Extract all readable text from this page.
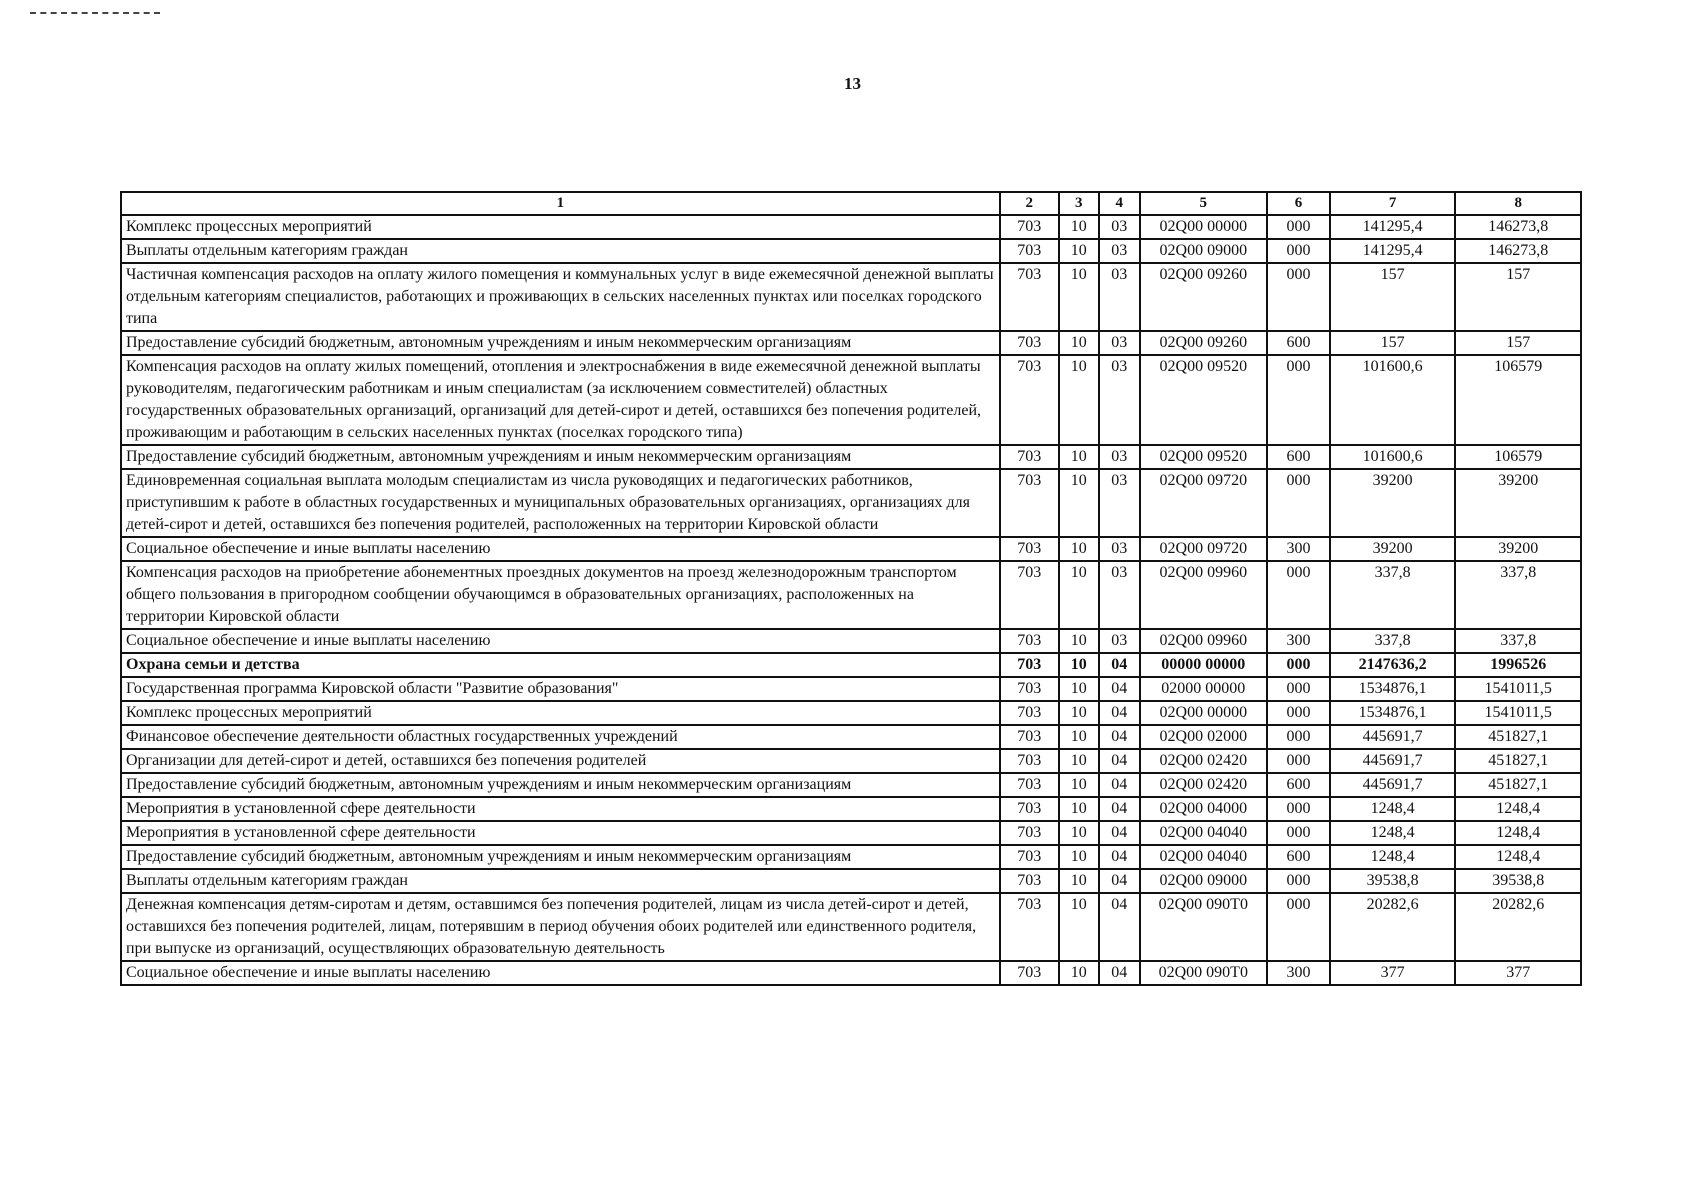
13
1	2	3	4	5	6	7	8
Комплекс процессных мероприятий	703	10	03	02Q00 00000	000	141295,4	146273,8
Выплаты отдельным категориям граждан	703	10	03	02Q00 09000	000	141295,4	146273,8
Частичная компенсация расходов на оплату жилого помещения и коммунальных услуг в виде ежемесячной денежной выплаты отдельным категориям специалистов, работающих и проживающих в сельских населенных пунктах или поселках городского типа	703	10	03	02Q00 09260	000	157	157
Предоставление субсидий бюджетным, автономным учреждениям и иным некоммерческим организациям	703	10	03	02Q00 09260	600	157	157
Компенсация расходов на оплату жилых помещений, отопления и электроснабжения в виде ежемесячной денежной выплаты руководителям, педагогическим работникам и иным специалистам (за исключением совместителей) областных государственных образовательных организаций, организаций для детей-сирот и детей, оставшихся без попечения родителей, проживающим и работающим в сельских населенных пунктах (поселках городского типа)	703	10	03	02Q00 09520	000	101600,6	106579
Предоставление субсидий бюджетным, автономным учреждениям и иным некоммерческим организациям	703	10	03	02Q00 09520	600	101600,6	106579
Единовременная социальная выплата молодым специалистам из числа руководящих и педагогических работников, приступившим к работе в областных государственных и муниципальных образовательных организациях, организациях для детей-сирот и детей, оставшихся без попечения родителей, расположенных на территории Кировской области	703	10	03	02Q00 09720	000	39200	39200
Социальное обеспечение и иные выплаты населению	703	10	03	02Q00 09720	300	39200	39200
Компенсация расходов на приобретение абонементных проездных документов на проезд железнодорожным транспортом общего пользования в пригородном сообщении обучающимся в образовательных организациях, расположенных на территории Кировской области	703	10	03	02Q00 09960	000	337,8	337,8
Социальное обеспечение и иные выплаты населению	703	10	03	02Q00 09960	300	337,8	337,8
Охрана семьи и детства	703	10	04	00000 00000	000	2147636,2	1996526
Государственная программа Кировской области "Развитие образования"	703	10	04	02000 00000	000	1534876,1	1541011,5
Комплекс процессных мероприятий	703	10	04	02Q00 00000	000	1534876,1	1541011,5
Финансовое обеспечение деятельности областных государственных учреждений	703	10	04	02Q00 02000	000	445691,7	451827,1
Организации для детей-сирот и детей, оставшихся без попечения родителей	703	10	04	02Q00 02420	000	445691,7	451827,1
Предоставление субсидий бюджетным, автономным учреждениям и иным некоммерческим организациям	703	10	04	02Q00 02420	600	445691,7	451827,1
Мероприятия в установленной сфере деятельности	703	10	04	02Q00 04000	000	1248,4	1248,4
Мероприятия в установленной сфере деятельности	703	10	04	02Q00 04040	000	1248,4	1248,4
Предоставление субсидий бюджетным, автономным учреждениям и иным некоммерческим организациям	703	10	04	02Q00 04040	600	1248,4	1248,4
Выплаты отдельным категориям граждан	703	10	04	02Q00 09000	000	39538,8	39538,8
Денежная компенсация детям-сиротам и детям, оставшимся без попечения родителей, лицам из числа детей-сирот и детей, оставшихся без попечения родителей, лицам, потерявшим в период обучения обоих родителей или единственного родителя, при выпуске из организаций, осуществляющих образовательную деятельность	703	10	04	02Q00 090T0	000	20282,6	20282,6
Социальное обеспечение и иные выплаты населению	703	10	04	02Q00 090T0	300	377	377
